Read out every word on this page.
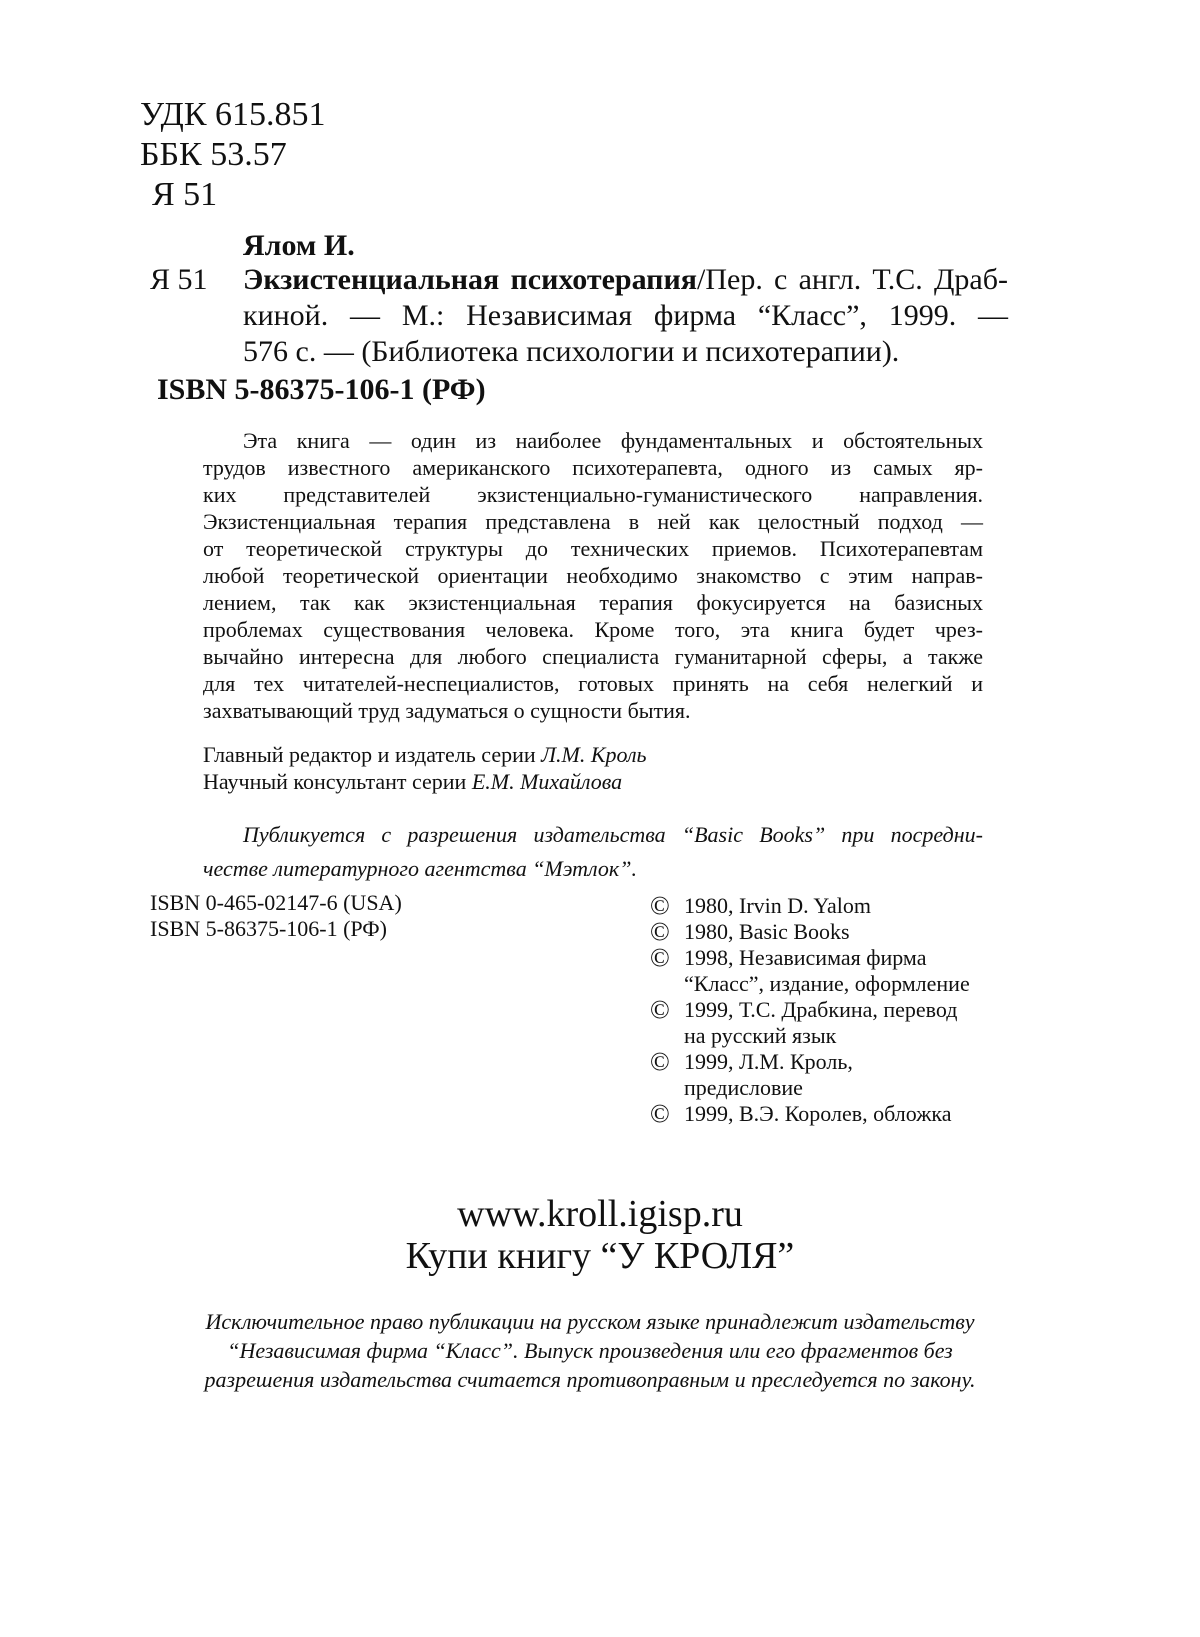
УДК 615.851
ББК 53.57
Я 51
Ялом И.
Я 51 Экзистенциальная психотерапия/Пер. с англ. Т.С. Драб-

киной. — М.: Независимая фирма “Класс”, 1999. —

576 с. — (Библиотека психологии и психотерапии).

ISBN 5-86375-106-1 (РФ)
Эта книга — один из наиболее фундаментальных и обстоятельных
трудов известного американского психотерапевта, одного из самых яр-
ких представителей экзистенциально-гуманистического направления.
Экзистенциальная терапия представлена в ней как целостный подход —
от теоретической структуры до технических приемов. Психотерапевтам
любой теоретической ориентации необходимо знакомство с этим направ-
лением, так как экзистенциальная терапия фокусируется на базисных
проблемах существования человека. Кроме того, эта книга будет чрез-
вычайно интересна для любого специалиста гуманитарной сферы, а также
для тех читателей-неспециалистов, готовых принять на себя нелегкий и
захватывающий труд задуматься о сущности бытия.
Главный редактор и издатель серии Л.М. Кроль
Научный консультант серии Е.М. Михайлова
Публикуется с разрешения издательства “Basic Books” при посредни-
честве литературного агентства “Мэтлок”.
ISBN 0-465-02147-6 (USA)
ISBN 5-86375-106-1 (РФ)
© 1980, Irvin D. Yalom
© 1980, Basic Books
© 1998, Независимая фирма
“Класс”, издание, оформление
© 1999, Т.С. Драбкина, перевод
на русский язык
© 1999, Л.М. Кроль,
предисловие
© 1999, В.Э. Королев, обложка
www.kroll.igisp.ru
Купи книгу “У КРОЛЯ”
Исключительное право публикации на русском языке принадлежит издательству
“Независимая фирма “Класс”. Выпуск произведения или его фрагментов без
разрешения издательства считается противоправным и преследуется по закону.
